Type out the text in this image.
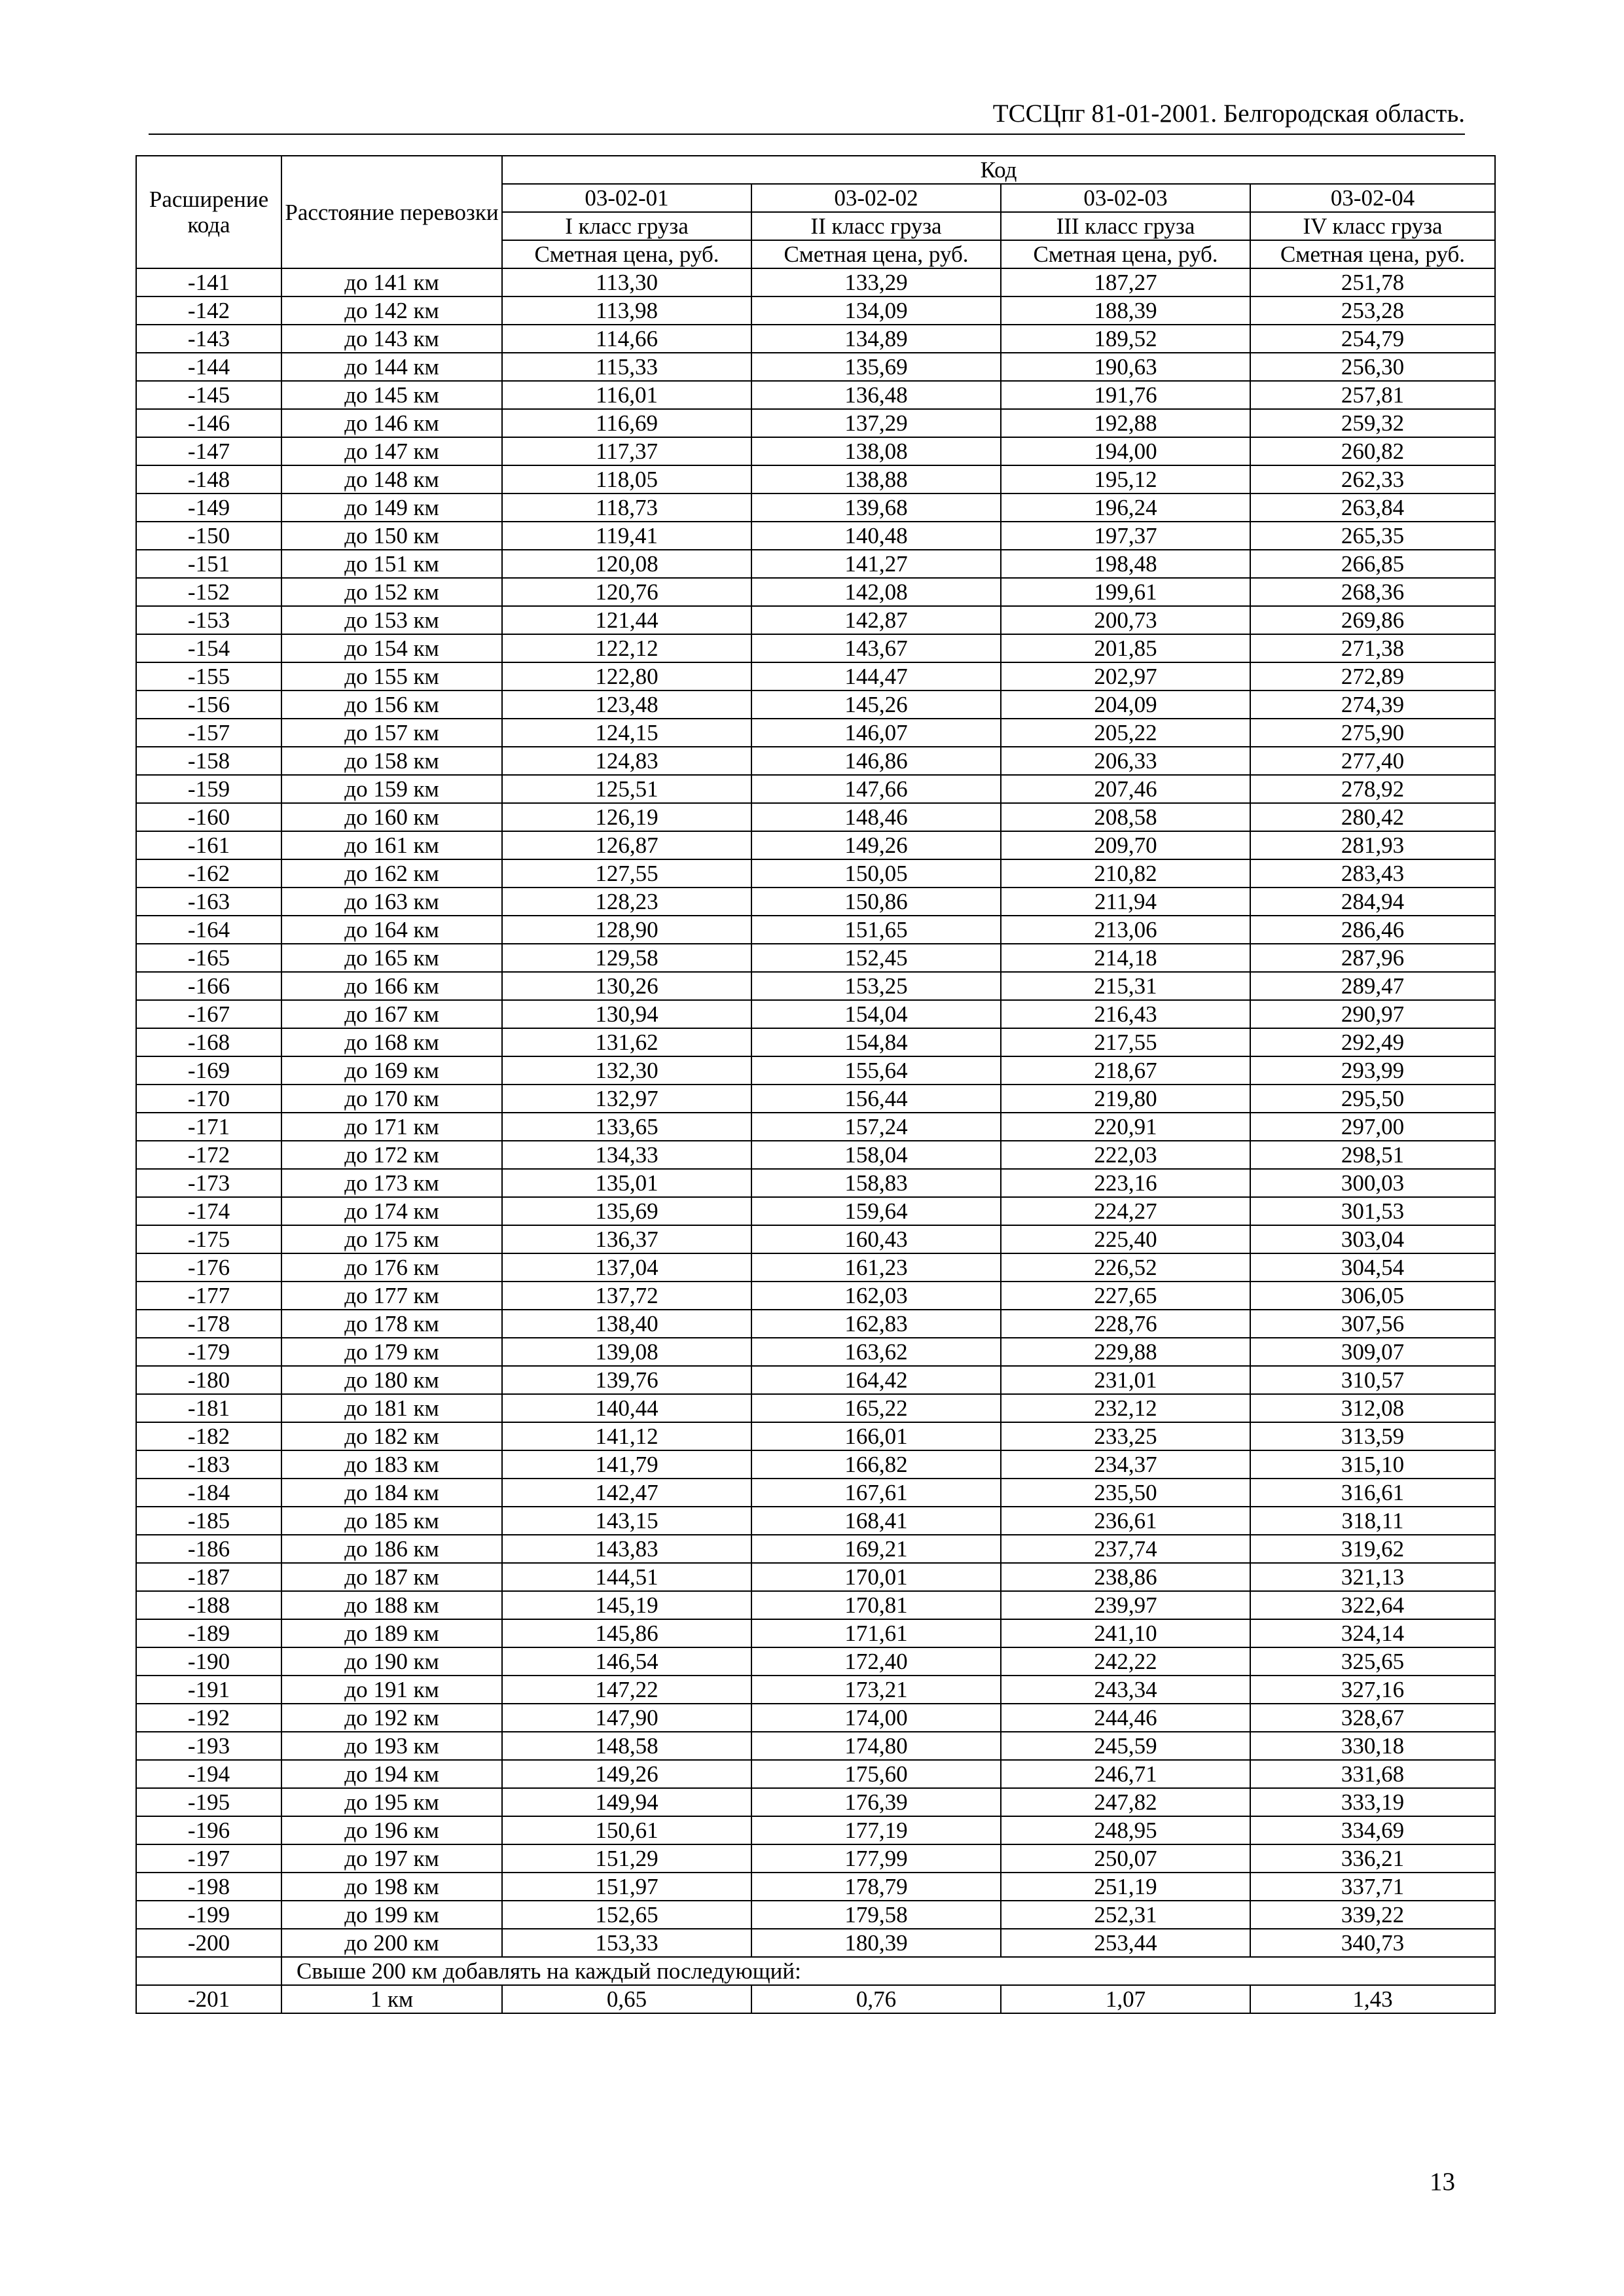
ТССЦпг 81-01-2001. Белгородская область.
Расширение кода	Расстояние перевозки	Код			
		03-02-01	03-02-02	03-02-03	03-02-04
		I класс груза	II класс груза	III класс груза	IV класс груза
		Сметная цена, руб.	Сметная цена, руб.	Сметная цена, руб.	Сметная цена, руб.
-141	до 141 км	113,30	133,29	187,27	251,78
-142	до 142 км	113,98	134,09	188,39	253,28
-143	до 143 км	114,66	134,89	189,52	254,79
-144	до 144 км	115,33	135,69	190,63	256,30
-145	до 145 км	116,01	136,48	191,76	257,81
-146	до 146 км	116,69	137,29	192,88	259,32
-147	до 147 км	117,37	138,08	194,00	260,82
-148	до 148 км	118,05	138,88	195,12	262,33
-149	до 149 км	118,73	139,68	196,24	263,84
-150	до 150 км	119,41	140,48	197,37	265,35
-151	до 151 км	120,08	141,27	198,48	266,85
-152	до 152 км	120,76	142,08	199,61	268,36
-153	до 153 км	121,44	142,87	200,73	269,86
-154	до 154 км	122,12	143,67	201,85	271,38
-155	до 155 км	122,80	144,47	202,97	272,89
-156	до 156 км	123,48	145,26	204,09	274,39
-157	до 157 км	124,15	146,07	205,22	275,90
-158	до 158 км	124,83	146,86	206,33	277,40
-159	до 159 км	125,51	147,66	207,46	278,92
-160	до 160 км	126,19	148,46	208,58	280,42
-161	до 161 км	126,87	149,26	209,70	281,93
-162	до 162 км	127,55	150,05	210,82	283,43
-163	до 163 км	128,23	150,86	211,94	284,94
-164	до 164 км	128,90	151,65	213,06	286,46
-165	до 165 км	129,58	152,45	214,18	287,96
-166	до 166 км	130,26	153,25	215,31	289,47
-167	до 167 км	130,94	154,04	216,43	290,97
-168	до 168 км	131,62	154,84	217,55	292,49
-169	до 169 км	132,30	155,64	218,67	293,99
-170	до 170 км	132,97	156,44	219,80	295,50
-171	до 171 км	133,65	157,24	220,91	297,00
-172	до 172 км	134,33	158,04	222,03	298,51
-173	до 173 км	135,01	158,83	223,16	300,03
-174	до 174 км	135,69	159,64	224,27	301,53
-175	до 175 км	136,37	160,43	225,40	303,04
-176	до 176 км	137,04	161,23	226,52	304,54
-177	до 177 км	137,72	162,03	227,65	306,05
-178	до 178 км	138,40	162,83	228,76	307,56
-179	до 179 км	139,08	163,62	229,88	309,07
-180	до 180 км	139,76	164,42	231,01	310,57
-181	до 181 км	140,44	165,22	232,12	312,08
-182	до 182 км	141,12	166,01	233,25	313,59
-183	до 183 км	141,79	166,82	234,37	315,10
-184	до 184 км	142,47	167,61	235,50	316,61
-185	до 185 км	143,15	168,41	236,61	318,11
-186	до 186 км	143,83	169,21	237,74	319,62
-187	до 187 км	144,51	170,01	238,86	321,13
-188	до 188 км	145,19	170,81	239,97	322,64
-189	до 189 км	145,86	171,61	241,10	324,14
-190	до 190 км	146,54	172,40	242,22	325,65
-191	до 191 км	147,22	173,21	243,34	327,16
-192	до 192 км	147,90	174,00	244,46	328,67
-193	до 193 км	148,58	174,80	245,59	330,18
-194	до 194 км	149,26	175,60	246,71	331,68
-195	до 195 км	149,94	176,39	247,82	333,19
-196	до 196 км	150,61	177,19	248,95	334,69
-197	до 197 км	151,29	177,99	250,07	336,21
-198	до 198 км	151,97	178,79	251,19	337,71
-199	до 199 км	152,65	179,58	252,31	339,22
-200	до 200 км	153,33	180,39	253,44	340,73
	Свыше 200 км добавлять на каждый последующий:				
-201	1 км	0,65	0,76	1,07	1,43
13
